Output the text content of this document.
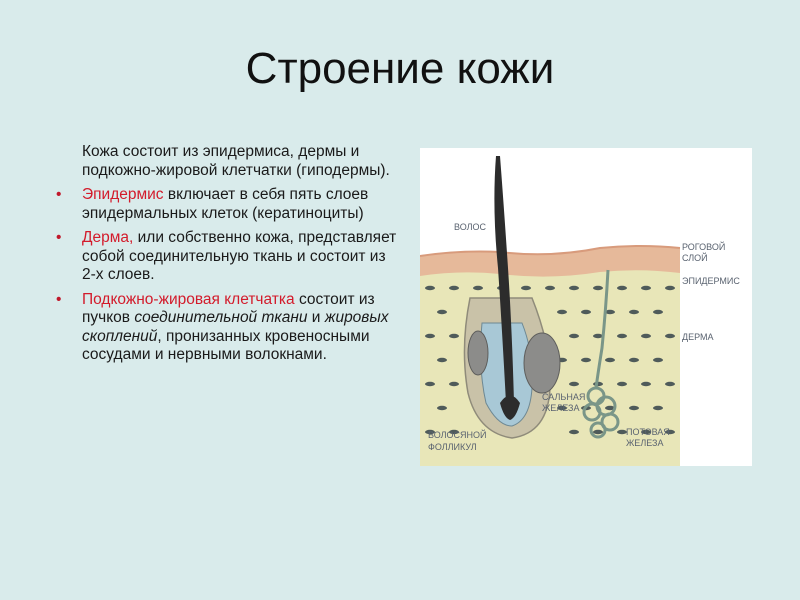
Строение кожи
Кожа состоит из эпидермиса, дермы и подкожно-жировой клетчатки (гиподермы).
• Эпидермис включает в себя пять слоев эпидермальных клеток (кератиноциты)
• Дерма, или собственно кожа, представляет собой соединительную ткань и состоит из 2-х слоев.
• Подкожно-жировая клетчатка состоит из пучков соединительной ткани и жировых скоплений, пронизанных кровеносными сосудами и нервными волокнами.
ВОЛОС
РОГОВОЙ
СЛОЙ
ЭПИДЕРМИС
ДЕРМА
САЛЬНАЯ
ЖЕЛЕЗА
ВОЛОСЯНОЙ
ФОЛЛИКУЛ
ПОТОВАЯ
ЖЕЛЕЗА
